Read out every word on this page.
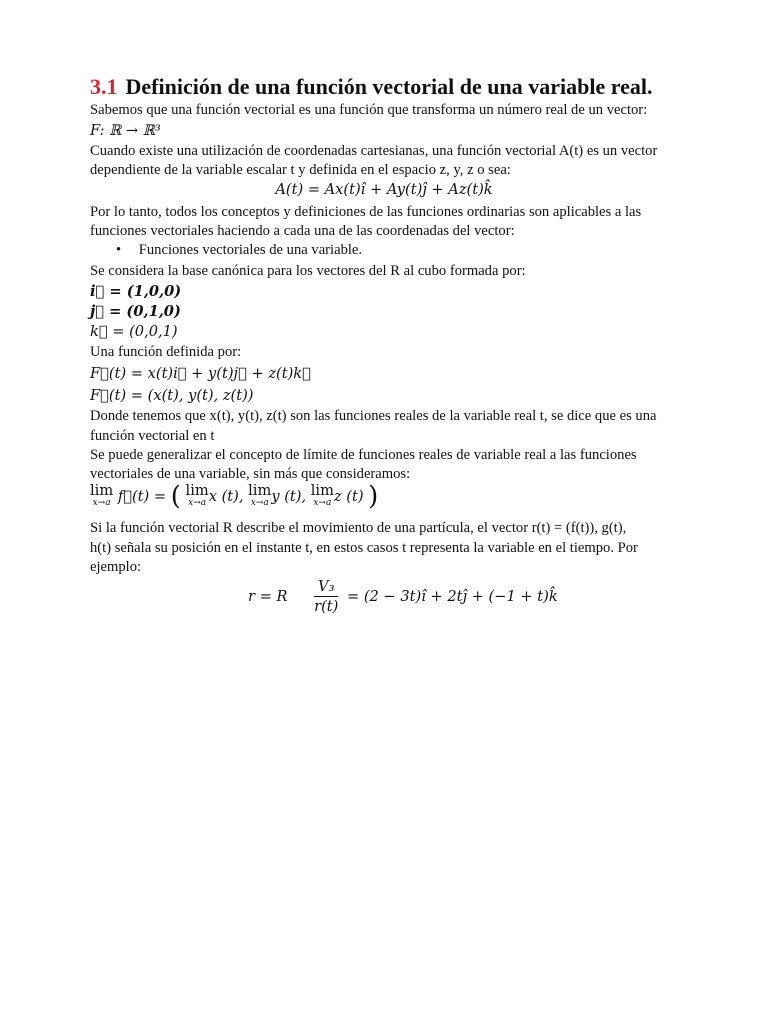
3.1 Definición de una función vectorial de una variable real.
Sabemos que una función vectorial es una función que transforma un número real de un vector:
F: ℝ → ℝ³
Cuando existe una utilización de coordenadas cartesianas, una función vectorial A(t) es un vector
dependiente de la variable escalar t y definida en el espacio z, y, z o sea:
A(t) = Ax(t)î + Ay(t)ĵ + Az(t)k̂
Por lo tanto, todos los conceptos y definiciones de las funciones ordinarias son aplicables a las
funciones vectoriales haciendo a cada una de las coordenadas del vector:
• Funciones vectoriales de una variable.
Se considera la base canónica para los vectores del R al cubo formada por:
i⃗ = (1,0,0)
j⃗ = (0,1,0)
k⃗ = (0,0,1)
Una función definida por:
F⃗(t) = x(t)i⃗ + y(t)j⃗ + z(t)k⃗
F⃗(t) = (x(t), y(t), z(t))
Donde tenemos que x(t), y(t), z(t) son las funciones reales de la variable real t, se dice que es una
función vectorial en t
Se puede generalizar el concepto de límite de funciones reales de variable real a las funciones
vectoriales de una variable, sin más que consideramos:
lim
x→a f⃗(t) = ( lim
x→a x (t), lim
x→a y (t), lim
x→a z (t) )
Si la función vectorial R describe el movimiento de una partícula, el vector r(t) = (f(t)), g(t),
h(t) señala su posición en el instante t, en estos casos t representa la variable en el tiempo. Por
ejemplo:
r = R $\frac{\text{V₃}}{r(t)} = (2$ − 3t)î + 2tĵ + (−1 + t)k̂
